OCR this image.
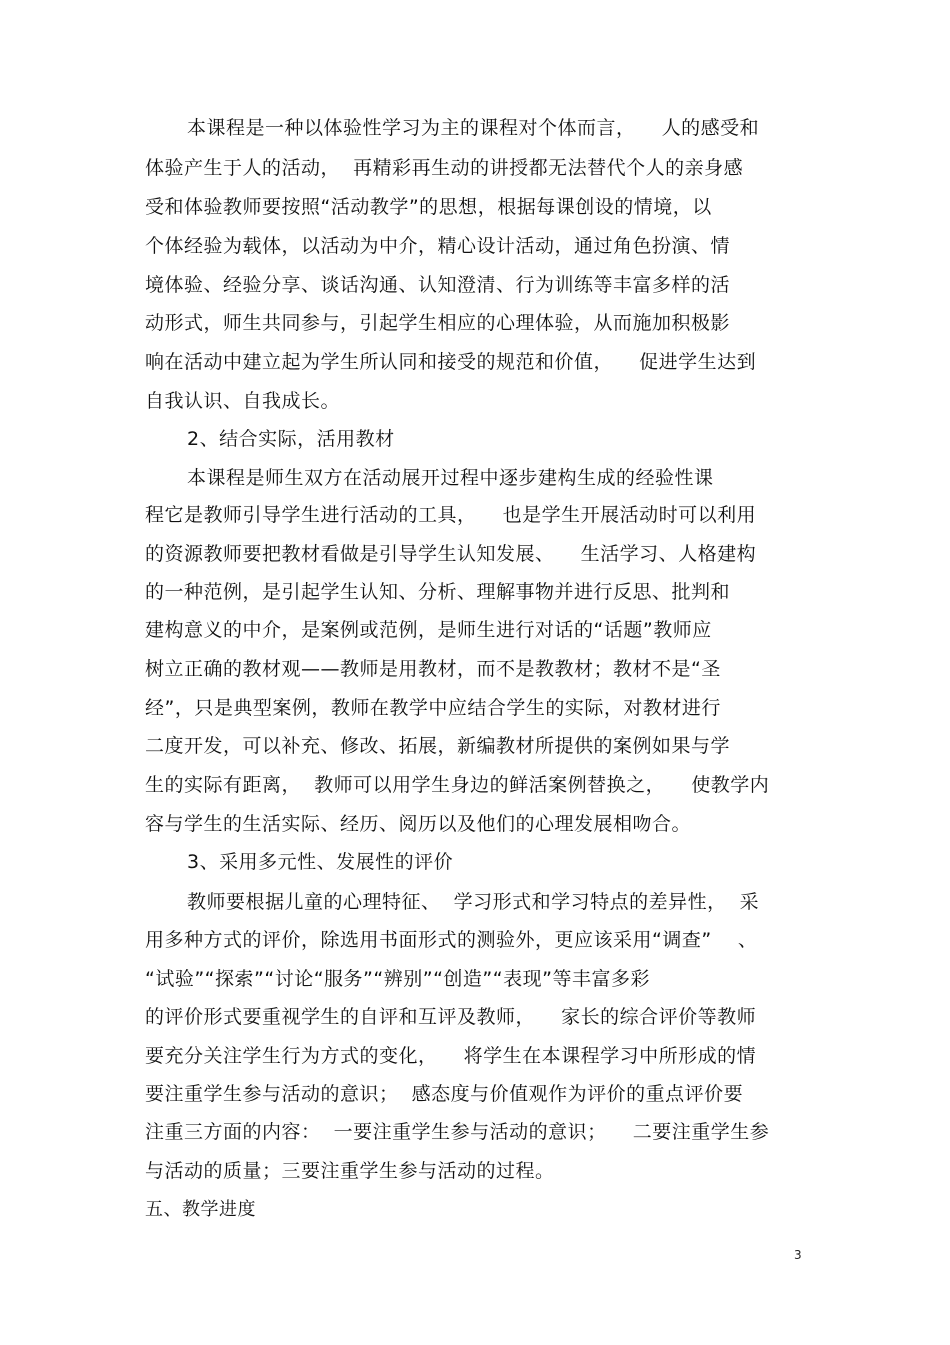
本课程是一种以体验性学习为主的课程对个体而言，    人的感受和
体验产生于人的活动，  再精彩再生动的讲授都无法替代个人的亲身感
受和体验教师要按照“活动教学”的思想，根据每课创设的情境，以
个体经验为载体，以活动为中介，精心设计活动，通过角色扮演、情
境体验、经验分享、谈话沟通、认知澄清、行为训练等丰富多样的活
动形式，师生共同参与，引起学生相应的心理体验，从而施加积极影
响在活动中建立起为学生所认同和接受的规范和价值，    促进学生达到
自我认识、自我成长。
2、结合实际，活用教材
本课程是师生双方在活动展开过程中逐步建构生成的经验性课
程它是教师引导学生进行活动的工具，    也是学生开展活动时可以利用
的资源教师要把教材看做是引导学生认知发展、    生活学习、人格建构
的一种范例，是引起学生认知、分析、理解事物并进行反思、批判和
建构意义的中介，是案例或范例，是师生进行对话的“话题”教师应
树立正确的教材观——教师是用教材，而不是教教材；教材不是“圣
经”，只是典型案例，教师在教学中应结合学生的实际，对教材进行
二度开发，可以补充、修改、拓展，新编教材所提供的案例如果与学
生的实际有距离，  教师可以用学生身边的鲜活案例替换之，    使教学内
容与学生的生活实际、经历、阅历以及他们的心理发展相吻合。
3、采用多元性、发展性的评价
教师要根据儿童的心理特征、  学习形式和学习特点的差异性，  采
用多种方式的评价，除选用书面形式的测验外，更应该采用“调查”    、
“试验”“探索”“讨论“服务”“辨别”“创造”“表现”等丰富多彩
的评价形式要重视学生的自评和互评及教师，    家长的综合评价等教师
要充分关注学生行为方式的变化，    将学生在本课程学习中所形成的情
要注重学生参与活动的意识；  感态度与价值观作为评价的重点评价要
注重三方面的内容：  一要注重学生参与活动的意识；    二要注重学生参
与活动的质量；三要注重学生参与活动的过程。
五、教学进度
3
